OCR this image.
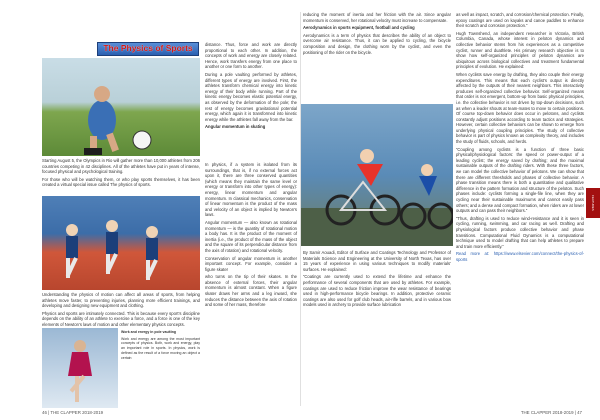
The Physics of Sports

Starting August 5, the Olympics in Rio will gather more than 10,000 athletes from 206 countries competing in 42 disciplines. All of the athletes have put in years of intense, focused physical and psychological training.

For those who will be watching them, or who play sports themselves, it has been created a virtual special issue called The physics of sports.

Understanding the physics of motion can affect all areas of sports, from helping athletes move faster, to preventing injuries, planning more efficient trainings, and developing and designing new equipment and clothing.

Physics and sports are intimately connected. This is because every sport’s discipline depends on the ability of an athlete to exercise a force, and a force is one of the key elements of Newton’s laws of motion and other elementary physics concepts.

Work and energy in pole vaulting

Work and energy are among the most important concepts of physics. Both, work and energy, play an important role in sports. In physics, work is defined as the result of a force moving an object a certain

distance. Thus, force and work are directly proportional to each other. In addition, the concepts of work and energy are closely related. Hence, work transfers energy from one place to another or one form to another.

During a pole vaulting performed by athletes, different types of energy are involved. First, the athletes transform chemical energy into kinetic energy of their body while running. Part of the kinetic energy becomes elastic potential energy, as observed by the deformation of the pole; the rest of energy becomes gravitational potential energy, which again it is transformed into kinetic energy while the athletes fall away from the bar.

Angular momentum in skating

In physics, if a system is isolated from its surroundings, that is, if no external forces act upon it, there are three conserved quantities (which means they maintain the same level or energy or transform into other types of energy): energy, linear momentum and angular momentum. In classical mechanics, conservation of linear momentum is the product of the mass and velocity of an object is implied by Newton’s laws.

Angular momentum — also known as rotational momentum — is the quantity of rotational motion a body has. It is the product of the moment of inertia (i.e., the product of the mass of the object and the square of its perpendicular distance from the axis of rotation) and rotational velocity.

Conservation of angular momentum is another important concept. For example, consider a figure skater

who turns on the tip of their skates. In the absence of external forces, their angular momentum is almost constant. When a figure skater draws her arms and a leg inward, she reduces the distance between the axis of rotation and some of her mass, therefore

reducing the moment of inertia and her friction with the air. Since angular momentum is conserved, her rotational velocity must increase to compensate.

Aerodynamics in sports equipment, football and cycling

Aerodynamics is a term of physics that describes the ability of an object to overcome air resistance. Thus, it can be applied to cycling, the bicycle composition and design, the clothing worn by the cyclist, and even the positioning of the rider on the bicycle.

By Samir Aouadi, Editor of Surface and Coatings Technology and Professor of Materials Science and Engineering at the University of North Texas, has over 15 years of experience in using various techniques to modify materials’ surfaces. He explained:

“Coatings are currently used to extend the lifetime and enhance the performance of several components that are used by athletes. For example, coatings are used to reduce friction improve the wear resistance of bearings used in high-performance bicycle bearings. In addition, protective ceramic coatings are also used for golf club heads, air-rifle barrels, and in various bow models used in archery to provide surface lubrication

as well as impact, scratch, and corrosion/chemical protection. Finally, epoxy coatings are used on kayaks and canoe paddles to enhance their scratch and corrosion protection.”

Hugh Townshend, an independent researcher in Victoria, British Columbia, Canada, whose interest in peloton dynamics and collective behavior stems from his experiences as a competitive cyclist, runner and duathlete. His primary research objective is to show how self-organized principles of peloton dynamics are ubiquitous across biological collectives and treatment fundamental principles of evolution. He explained:

When cyclists save energy by drafting, they also couple their energy expenditures. This means that each cyclist’s output is directly affected by the outputs of their nearest neighbors. This interactivity produces self-organized collective behavior. Self-organized means that order is not emergent, bottom-up from basic physical principles, i.e. the collective behavior is not driven by top-down decisions, such as when a leader shouts at team-mates to move to certain positions. Of course top-down behavior does occur in pelotons, and cyclists constantly adjust positions according to team tactics and strategies. However, certain collective behaviors can be shown to emerge from underlying physical coupling principles. The study of collective behavior is part of physics known as complexity theory, and includes the study of fluids, schools, and herds.

“Coupling among cyclists is a function of three basic physical/physiological factors: the speed or power-output of a leading cyclist; the energy saved by drafting; and the maximal sustainable outputs of the drafting riders. With these three factors, we can model the collective behavior of pelotons. We can show that there are different thresholds and phases of collective behavior. A phase transition means there is both a quantitative and qualitative difference in the pattern formation and structure of the peloton. Such phases include: cyclists forming a single-file line, when they are cycling near their sustainable maximums and cannot easily pass others; and a dense and compact formation, when riders are at lower outputs and can pass their neighbors.”

“Thus, drafting is used to reduce wind-resistance and it is seen in cycling, running, swimming, and car racing as well. Drafting and physiological factors produce collective behavior and phase transitions. Computational Fluid Dynamics is a computational technique used to model drafting that can help athletes to prepare and train more efficiently.”

Read more at: https://www.elsevier.com/connect/the-physics-of-sports

FEATURES
46 | THE CLAPPER 2018-2019	THE CLAPPER 2018-2019 | 47
